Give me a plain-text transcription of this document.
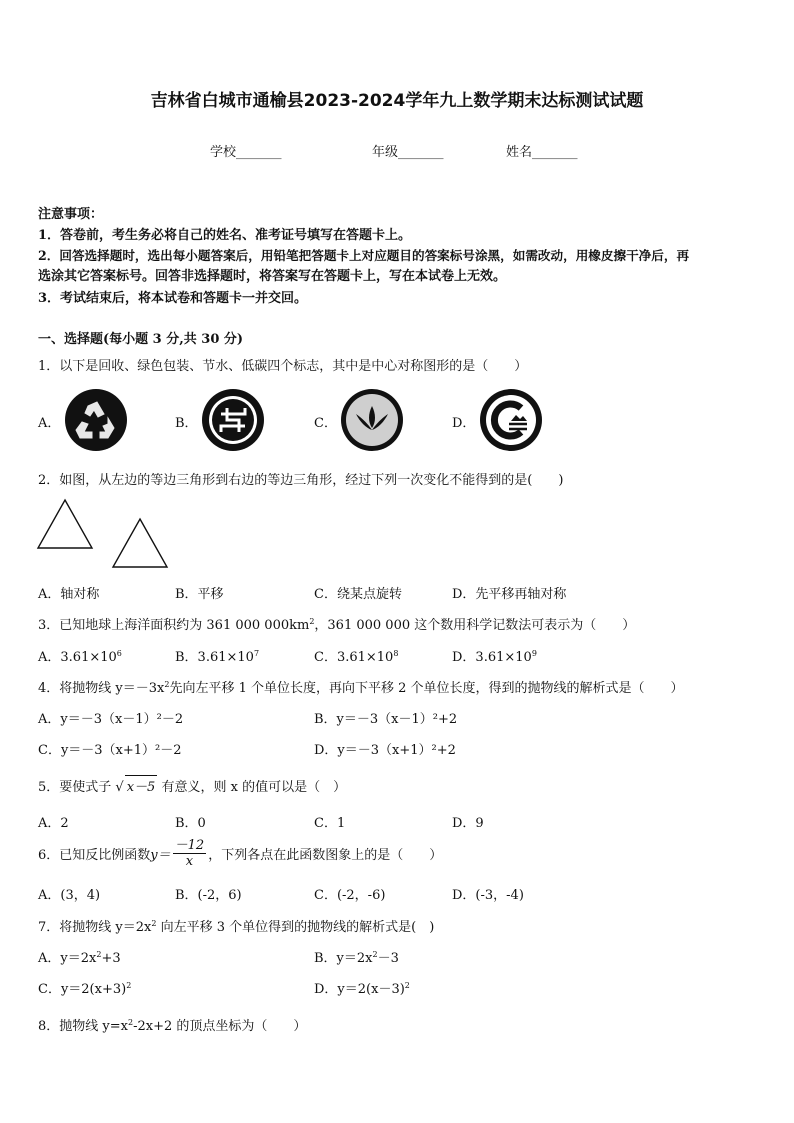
吉林省白城市通榆县2023-2024学年九上数学期末达标测试试题
学校_______	年级_______	姓名_______
注意事项：
1．答卷前，考生务必将自己的姓名、准考证号填写在答题卡上。
2．回答选择题时，选出每小题答案后，用铅笔把答题卡上对应题目的答案标号涂黑，如需改动，用橡皮擦干净后，再
选涂其它答案标号。回答非选择题时，将答案写在答题卡上，写在本试卷上无效。
3．考试结束后，将本试卷和答题卡一并交回。
一、选择题(每小题 3 分,共 30 分)
1．以下是回收、绿色包装、节水、低碳四个标志，其中是中心对称图形的是（　　）
A．	B．	C．	D．
2．如图，从左边的等边三角形到右边的等边三角形，经过下列一次变化不能得到的是(　　)
A．轴对称	B．平移	C．绕某点旋转	D．先平移再轴对称
3．已知地球上海洋面积约为 361 000 $000km^2$，361 000 000 这个数用科学记数法可表示为（　　）
A．$3.61\times 10^6$	B．$3.61\times 10^7$	C．$3.61\times 10^8$	D．$3.61\times 10^9$
4．将抛物线 $y=-3x^2$先向左平移 1 个单位长度，再向下平移 2 个单位长度，得到的抛物线的解析式是（　　）
A．y＝－3（x－1）²－2	B．y＝－3（x－1）²+2
C．y＝－3（x+1）²－2	D．y＝－3（x+1）²+2
5．要使式子 √ x－5 有意义，则 x 的值可以是（　）
A．2	B．0	C．1	D．9
6．已知反比例函数$y= \frac{-12}{x}$ ，下列各点在此函数图象上的是（　　）
A．(3，4)	B．(-2，6)	C．(-2，-6)	D．(-3，-4)
7．将抛物线 $y=2x^2$ 向左平移 3 个单位得到的抛物线的解析式是(　)
A．$y=2x^2+3$	B．$y=2x^2-3$
C．$y=2(x+3)^2$	D．$y=2(x-3)^2$
8．抛物线 $y=x^2-2x+2$ 的顶点坐标为（　　）
